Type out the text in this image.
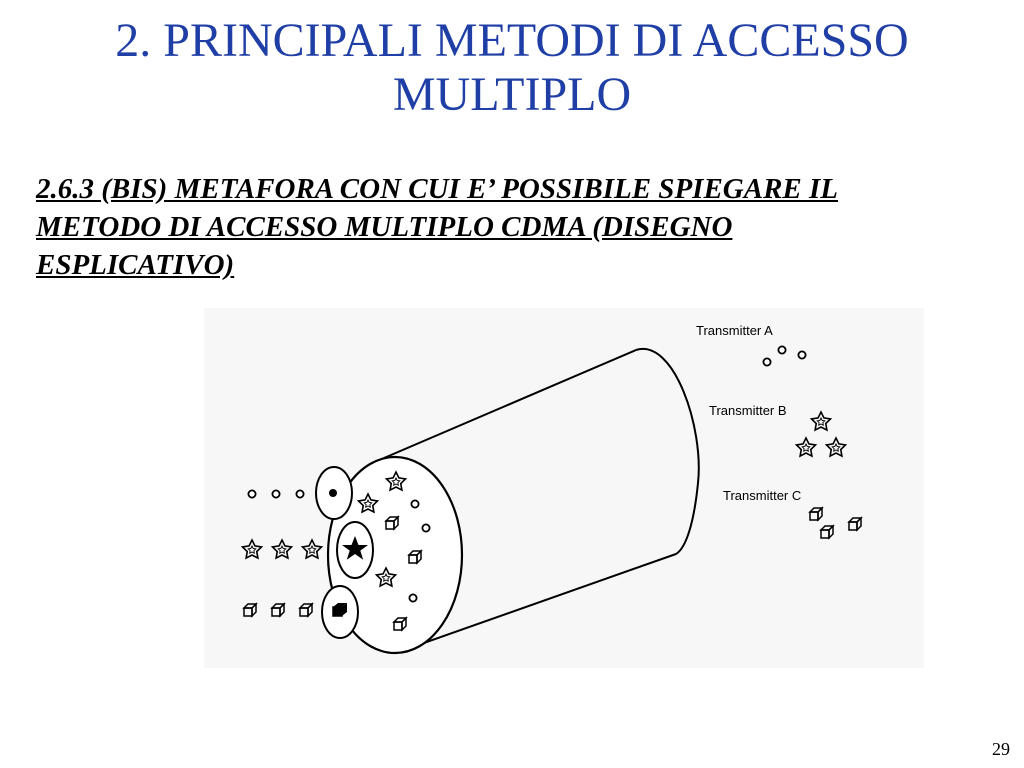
2. PRINCIPALI METODI DI ACCESSO
MULTIPLO
2.6.3 (BIS) METAFORA CON CUI E’ POSSIBILE SPIEGARE IL
METODO DI ACCESSO MULTIPLO CDMA (DISEGNO
ESPLICATIVO)
Transmitter A
Transmitter B
Transmitter C
29
